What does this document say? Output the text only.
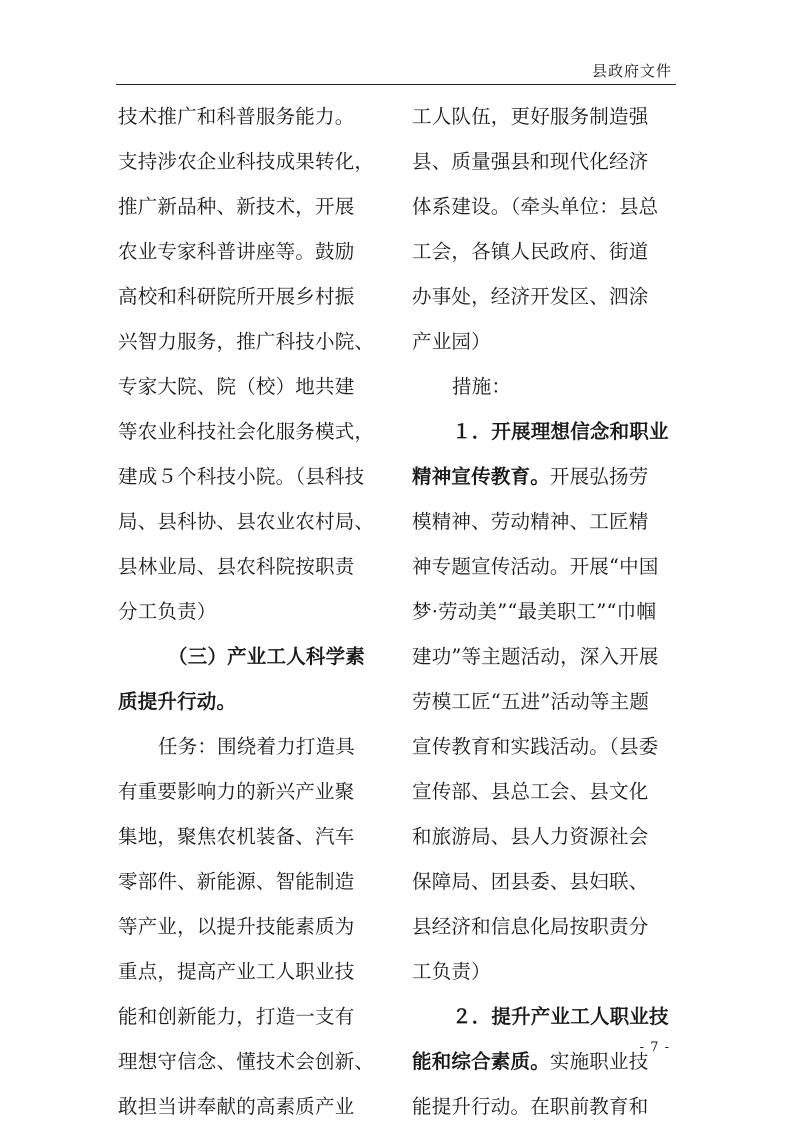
县政府文件
技术推广和科普服务能力。
支持涉农企业科技成果转化，
推广新品种、新技术，开展
农业专家科普讲座等。鼓励
高校和科研院所开展乡村振
兴智力服务，推广科技小院、
专家大院、院（校）地共建
等农业科技社会化服务模式，
建成５个科技小院。（县科技
局、县科协、县农业农村局、
县林业局、县农科院按职责
分工负责）
（三）产业工人科学素
质提升行动。
任务：围绕着力打造具
有重要影响力的新兴产业聚
集地，聚焦农机装备、汽车
零部件、新能源、智能制造
等产业，以提升技能素质为
重点，提高产业工人职业技
能和创新能力，打造一支有
理想守信念、懂技术会创新、
敢担当讲奉献的高素质产业
工人队伍，更好服务制造强
县、质量强县和现代化经济
体系建设。（牵头单位：县总
工会，各镇人民政府、街道
办事处，经济开发区、泗涂
产业园）
措施：
１．开展理想信念和职业
精神宣传教育。开展弘扬劳
模精神、劳动精神、工匠精
神专题宣传活动。开展“中国
梦·劳动美”“最美职工”“巾帼
建功”等主题活动，深入开展
劳模工匠“五进”活动等主题
宣传教育和实践活动。（县委
宣传部、县总工会、县文化
和旅游局、县人力资源社会
保障局、团县委、县妇联、
县经济和信息化局按职责分
工负责）
２．提升产业工人职业技
能和综合素质。实施职业技
能提升行动。在职前教育和
- 7 -
